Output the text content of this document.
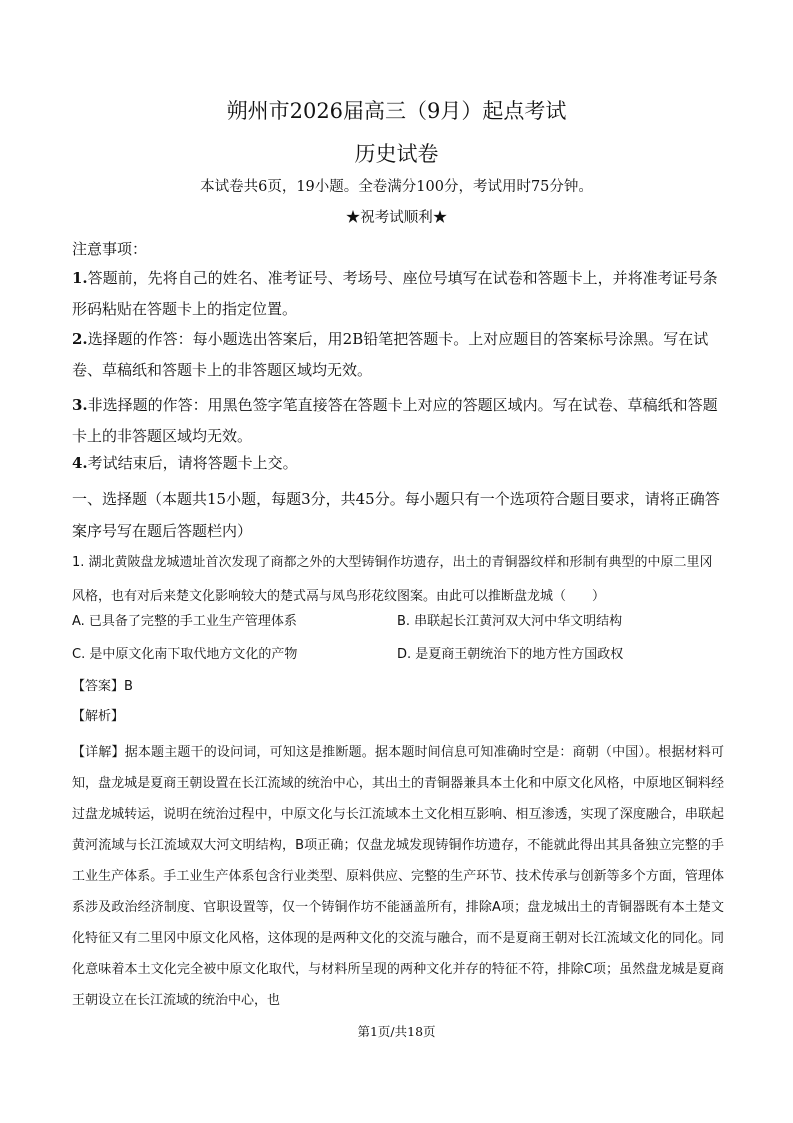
朔州市2026届高三（9月）起点考试
历史试卷
本试卷共6页，19小题。全卷满分100分，考试用时75分钟。
★祝考试顺利★
注意事项：
1.答题前，先将自己的姓名、准考证号、考场号、座位号填写在试卷和答题卡上，并将准考证号条形码粘贴在答题卡上的指定位置。
2.选择题的作答：每小题选出答案后，用2B铅笔把答题卡。上对应题目的答案标号涂黑。写在试卷、草稿纸和答题卡上的非答题区域均无效。
3.非选择题的作答：用黑色签字笔直接答在答题卡上对应的答题区域内。写在试卷、草稿纸和答题卡上的非答题区域均无效。
4.考试结束后，请将答题卡上交。
一、选择题（本题共15小题，每题3分，共45分。每小题只有一个选项符合题目要求，请将正确答案序号写在题后答题栏内）
1. 湖北黄陂盘龙城遗址首次发现了商都之外的大型铸铜作坊遗存，出土的青铜器纹样和形制有典型的中原二里冈风格，也有对后来楚文化影响较大的楚式鬲与凤鸟形花纹图案。由此可以推断盘龙城（　　）
A. 已具备了完整的手工业生产管理体系	B. 串联起长江黄河双大河中华文明结构
C. 是中原文化南下取代地方文化的产物	D. 是夏商王朝统治下的地方性方国政权
【答案】B
【解析】
【详解】据本题主题干的设问词，可知这是推断题。据本题时间信息可知准确时空是：商朝（中国）。根据材料可知，盘龙城是夏商王朝设置在长江流域的统治中心，其出土的青铜器兼具本土化和中原文化风格，中原地区铜料经过盘龙城转运，说明在统治过程中，中原文化与长江流域本土文化相互影响、相互渗透，实现了深度融合，串联起黄河流域与长江流域双大河文明结构，B项正确；仅盘龙城发现铸铜作坊遗存，不能就此得出其具备独立完整的手工业生产体系。手工业生产体系包含行业类型、原料供应、完整的生产环节、技术传承与创新等多个方面，管理体系涉及政治经济制度、官职设置等，仅一个铸铜作坊不能涵盖所有，排除A项；盘龙城出土的青铜器既有本土楚文化特征又有二里冈中原文化风格，这体现的是两种文化的交流与融合，而不是夏商王朝对长江流域文化的同化。同化意味着本土文化完全被中原文化取代，与材料所呈现的两种文化并存的特征不符，排除C项；虽然盘龙城是夏商王朝设立在长江流域的统治中心，也
第1页/共18页
